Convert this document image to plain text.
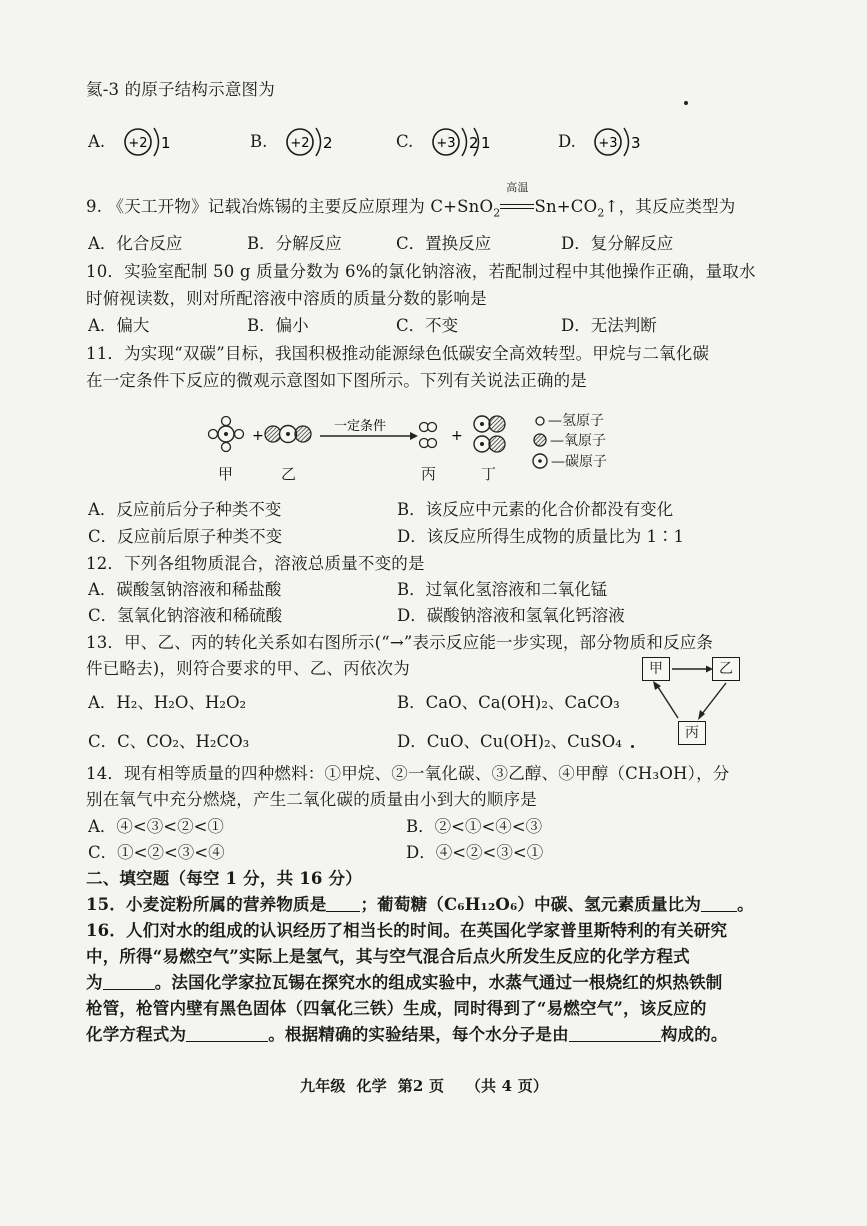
氦-3 的原子结构示意图为
A. +2 1	B. +2 2	C. +3 2 1	D. +3 3
9. 《天工开物》记载冶炼锡的主要反应原理为 C+SnO$_2$
高温
$Sn+CO_2↑$，其反应类型为
A．化合反应	B．分解反应	C．置换反应	D．复分解反应
10．实验室配制 50 g 质量分数为 6%的氯化钠溶液，若配制过程中其他操作正确，量取水
时俯视读数，则对所配溶液中溶质的质量分数的影响是
A．偏大	B．偏小	C．不变	D．无法判断
11．为实现“双碳”目标，我国积极推动能源绿色低碳安全高效转型。甲烷与二氧化碳
在一定条件下反应的微观示意图如下图所示。下列有关说法正确的是
+
一定条件
+
—氢原子
—氧原子
—碳原子
甲	乙	丙	丁
A．反应前后分子种类不变	B．该反应中元素的化合价都没有变化
C．反应前后原子种类不变	D．该反应所得生成物的质量比为 1∶1
12．下列各组物质混合，溶液总质量不变的是
A．碳酸氢钠溶液和稀盐酸	B．过氧化氢溶液和二氧化锰
C．氢氧化钠溶液和稀硫酸	D．碳酸钠溶液和氢氧化钙溶液
13．甲、乙、丙的转化关系如右图所示(“→”表示反应能一步实现，部分物质和反应条
件已略去)，则符合要求的甲、乙、丙依次为
A．H₂、H₂O、H₂O₂	B．CaO、Ca(OH)₂、CaCO₃
C．C、CO₂、H₂CO₃	D．CuO、Cu(OH)₂、CuSO₄
甲	乙
丙
14．现有相等质量的四种燃料：①甲烷、②一氧化碳、③乙醇、④甲醇（CH₃OH），分
别在氧气中充分燃烧，产生二氧化碳的质量由小到大的顺序是
A．④<③<②<①	B．②<①<④<③
C．①<②<③<④	D．④<②<③<①
二、填空题（每空 1 分，共 16 分）
15．小麦淀粉所属的营养物质是 ；葡萄糖（C₆H₁₂O₆）中碳、氢元素质量比为 。
16．人们对水的组成的认识经历了相当长的时间。在英国化学家普里斯特利的有关研究
中，所得“易燃空气”实际上是氢气，其与空气混合后点火所发生反应的化学方程式
为	。法国化学家拉瓦锡在探究水的组成实验中，水蒸气通过一根烧红的炽热铁制
枪管，枪管内壁有黑色固体（四氧化三铁）生成，同时得到了“易燃空气”，该反应的
化学方程式为	。根据精确的实验结果，每个水分子是由	构成的。
九年级  化学  第2 页    （共 4 页）
